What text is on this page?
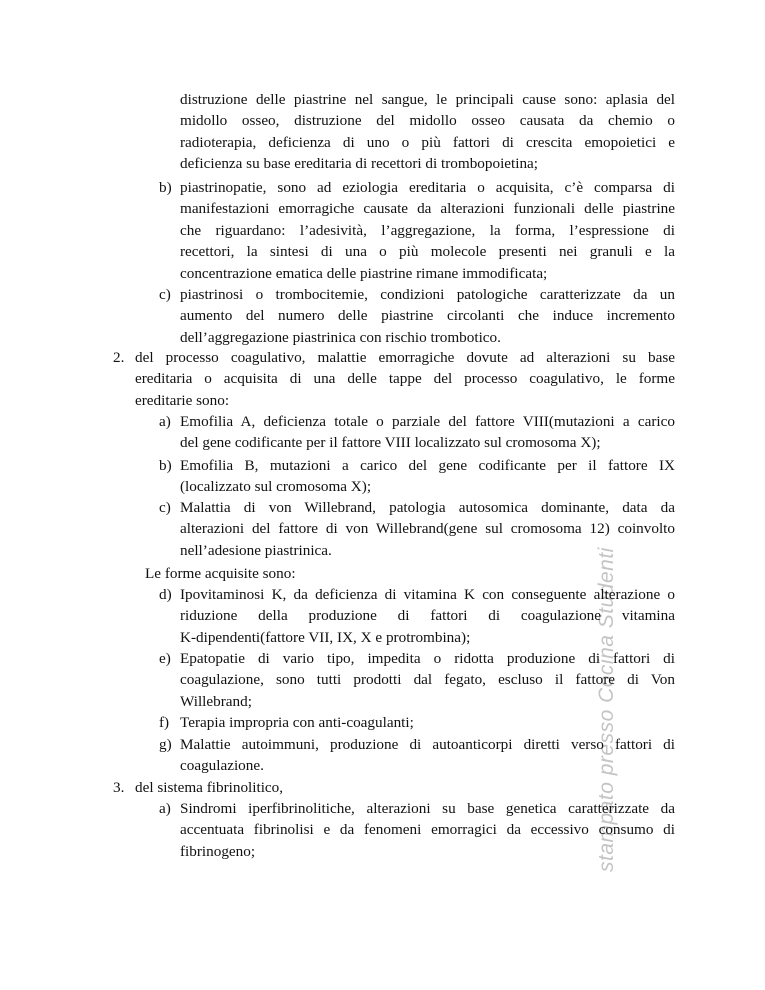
stampato presso Cocina Studenti
distruzione delle piastrine nel sangue, le principali cause sono: aplasia del
midollo osseo, distruzione del midollo osseo causata da chemio o
radioterapia, deficienza di uno o più fattori di crescita emopoietici e
deficienza su base ereditaria di recettori di trombopoietina;
b) piastrinopatie, sono ad eziologia ereditaria o acquisita, c’è comparsa di
manifestazioni emorragiche causate da alterazioni funzionali delle piastrine
che riguardano: l’adesività, l’aggregazione, la forma, l’espressione di
recettori, la sintesi di una o più molecole presenti nei granuli e la
concentrazione ematica delle piastrine rimane immodificata;
c) piastrinosi o trombocitemie, condizioni patologiche caratterizzate da un
aumento del numero delle piastrine circolanti che induce incremento
dell’aggregazione piastrinica con rischio trombotico.
2. del processo coagulativo, malattie emorragiche dovute ad alterazioni su base
ereditaria o acquisita di una delle tappe del processo coagulativo, le forme
ereditarie sono:
a) Emofilia A, deficienza totale o parziale del fattore VIII(mutazioni a carico
del gene codificante per il fattore VIII localizzato sul cromosoma X);
b) Emofilia B, mutazioni a carico del gene codificante per il fattore IX
(localizzato sul cromosoma X);
c) Malattia di von Willebrand, patologia autosomica dominante, data da
alterazioni del fattore di von Willebrand(gene sul cromosoma 12) coinvolto
nell’adesione piastrinica.
Le forme acquisite sono:
d) Ipovitaminosi K, da deficienza di vitamina K con conseguente alterazione o
riduzione della produzione di fattori di coagulazione vitamina
K-dipendenti(fattore VII, IX, X e protrombina);
e) Epatopatie di vario tipo, impedita o ridotta produzione di fattori di
coagulazione, sono tutti prodotti dal fegato, escluso il fattore di Von
Willebrand;
f) Terapia impropria con anti-coagulanti;
g) Malattie autoimmuni, produzione di autoanticorpi diretti verso fattori di
coagulazione.
3. del sistema fibrinolitico,
a) Sindromi iperfibrinolitiche, alterazioni su base genetica caratterizzate da
accentuata fibrinolisi e da fenomeni emorragici da eccessivo consumo di
fibrinogeno;
